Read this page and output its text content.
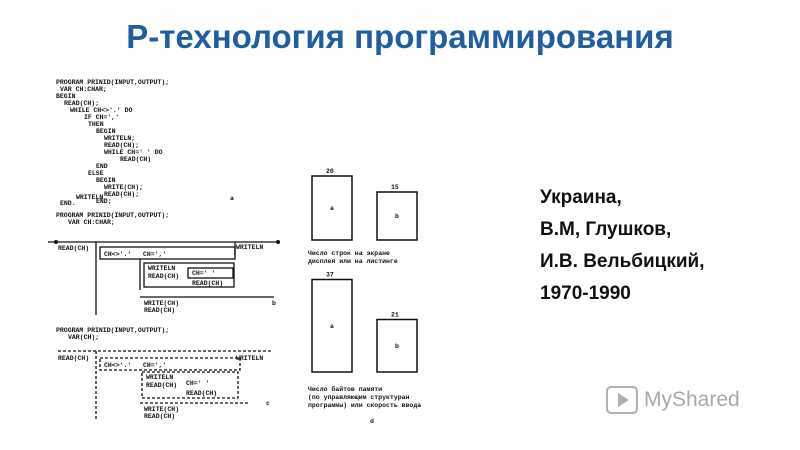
Р-технология программирования
PROGRAM PRINID(INPUT,OUTPUT);
VAR CH:CHAR;
BEGIN
READ(CH);
WHILE CH<>'.' DO
IF CH=','
THEN
BEGIN
WRITELN;
READ(CH);
WHILE CH=' ' DO
READ(CH)
END
ELSE
BEGIN
WRITE(CH);
READ(CH);
END;
WRITELN
END.
a
PROGRAM PRINID(INPUT,OUTPUT);
VAR CH:CHAR;
READ(CH)
CH<>'.' CH=','
WRITELN
WRITELN
READ(CH) CH=' '
READ(CH)
WRITE(CH)
READ(CH)
b
PROGRAM PRINID(INPUT,OUTPUT);
VAR(CH);
READ(CH)
CH<>'.' CH=','
WRITELN
WRITELN
READ(CH) CH=' '
READ(CH)
WRITE(CH)
READ(CH)
c
20
a
15
b
37
a
21
b
Число строк на экране
дисплея или на листинге
Число байтов памяти
(по управляющим структуран
программы) или скорость ввода
d
Украина,
В.М, Глушков,
И.В. Вельбицкий,
1970-1990
MyShared
